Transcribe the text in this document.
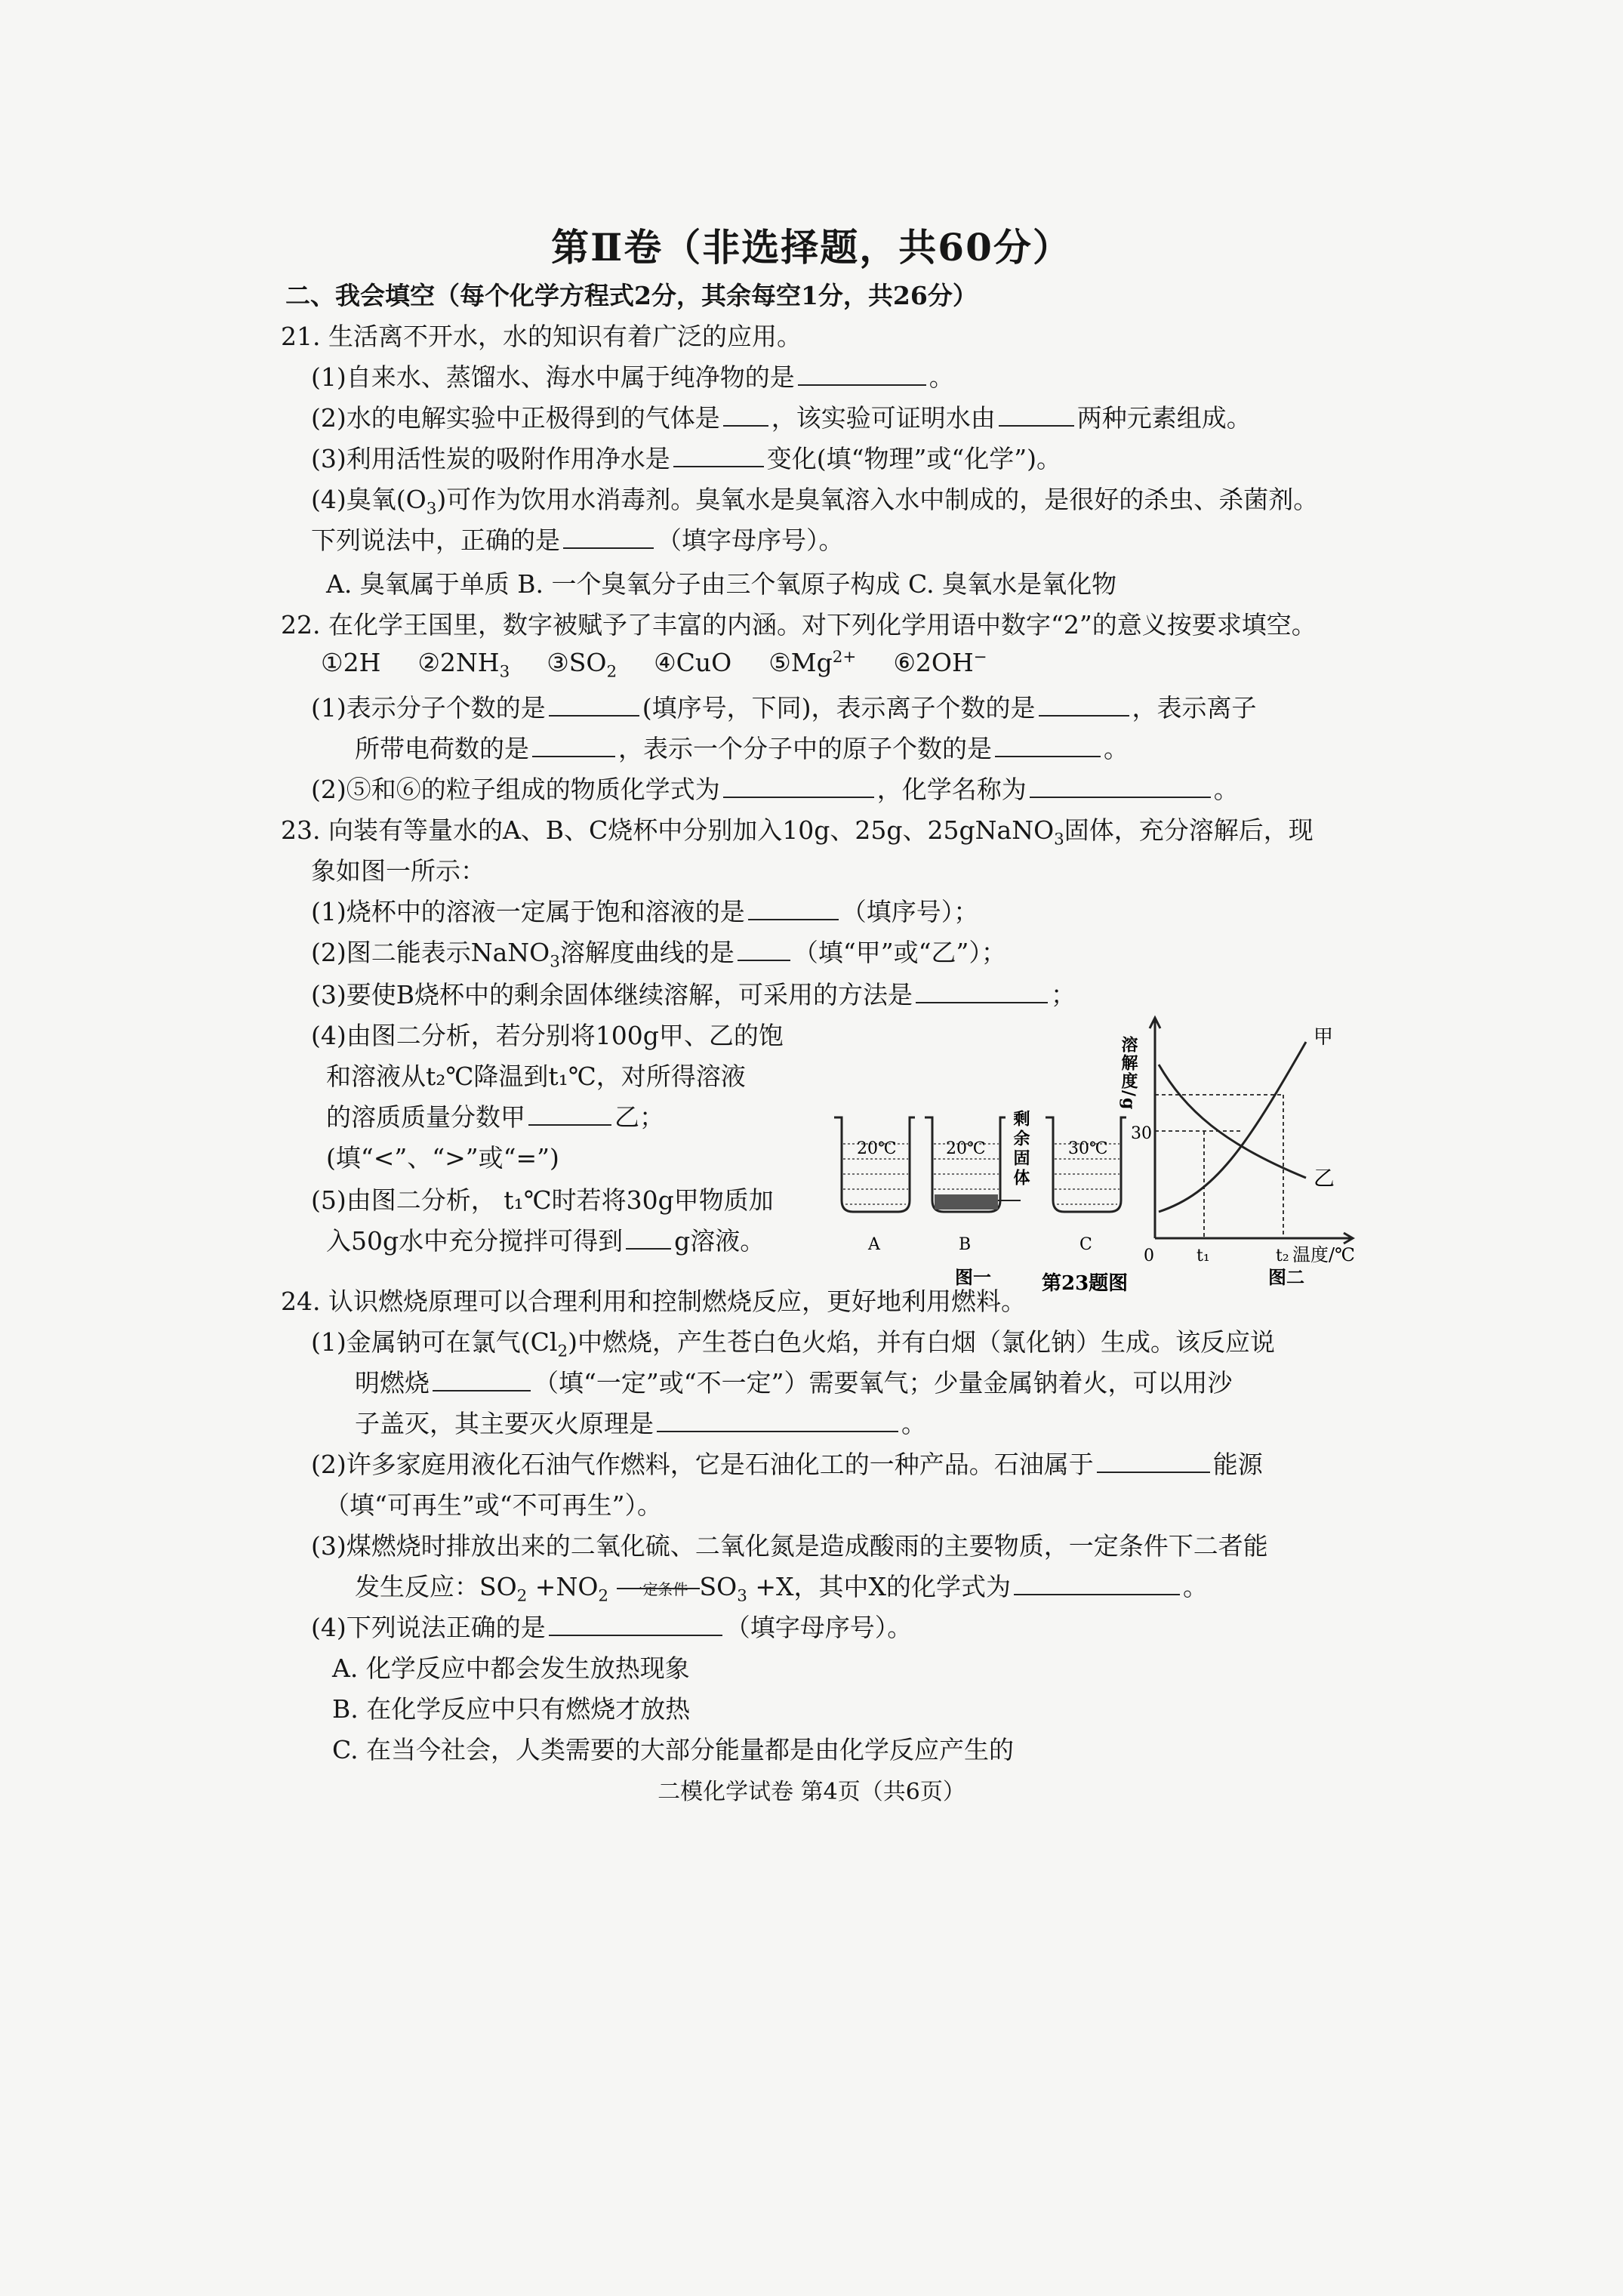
第Ⅱ卷（非选择题，共60分）
二、我会填空（每个化学方程式2分，其余每空1分，共26分）
21. 生活离不开水，水的知识有着广泛的应用。
(1)自来水、蒸馏水、海水中属于纯净物的是	。
(2)水的电解实验中正极得到的气体是 ，该实验可证明水由	两种元素组成。
(3)利用活性炭的吸附作用净水是	变化(填“物理”或“化学”)。
(4)臭氧$(O_3)$可作为饮用水消毒剂。臭氧水是臭氧溶入水中制成的，是很好的杀虫、杀菌剂。
下列说法中，正确的是	（填字母序号）。
A. 臭氧属于单质 B. 一个臭氧分子由三个氧原子构成 C. 臭氧水是氧化物
22. 在化学王国里，数字被赋予了丰富的内涵。对下列化学用语中数字“2”的意义按要求填空。
①2H $②2NH_3$ $③SO_2$ ④CuO $⑤Mg^{2+}$ ⑥2OH−
(1)表示分子个数的是	(填序号，下同)，表示离子个数的是	，表示离子
所带电荷数的是	，表示一个分子中的原子个数的是	。
(2)⑤和⑥的粒子组成的物质化学式为	，化学名称为	。
23. 向装有等量水的A、B、C烧杯中分别加入10g、25g、25gNaNO$_3$固体，充分溶解后，现
象如图一所示：
(1)烧杯中的溶液一定属于饱和溶液的是	（填序号）；
(2)图二能表示NaNO$_3$溶解度曲线的是 （填“甲”或“乙”）；
(3)要使B烧杯中的剩余固体继续溶解，可采用的方法是	；
(4)由图二分析，若分别将100g甲、乙的饱
和溶液从t₂℃降温到t₁℃，对所得溶液
的溶质质量分数甲	乙；
(填“<”、“>”或“=”)
(5)由图二分析， t₁℃时若将30g甲物质加
入50g水中充分搅拌可得到 g溶液。
20℃	20℃	30℃
剩余固体
A	B	C
图一
溶解度/g
30
0	t₁	t₂ 温度/℃
甲
乙
图二
第23题图
24. 认识燃烧原理可以合理利用和控制燃烧反应，更好地利用燃料。
(1)金属钠可在氯气$(Cl_2)$中燃烧，产生苍白色火焰，并有白烟（氯化钠）生成。该反应说
明燃烧	（填“一定”或“不一定”）需要氧气；少量金属钠着火，可以用沙
子盖灭，其主要灭火原理是	。
(2)许多家庭用液化石油气作燃料，它是石油化工的一种产品。石油属于	能源
（填“可再生”或“不可再生”）。
(3)煤燃烧时排放出来的二氧化硫、二氧化氮是造成酸雨的主要物质，一定条件下二者能
发生反应：$SO_2 +NO_2$	一定条件 $SO_3 +X$，其中X的化学式为	。
(4)下列说法正确的是	（填字母序号）。
A. 化学反应中都会发生放热现象
B. 在化学反应中只有燃烧才放热
C. 在当今社会，人类需要的大部分能量都是由化学反应产生的
二模化学试卷 第4页（共6页）
